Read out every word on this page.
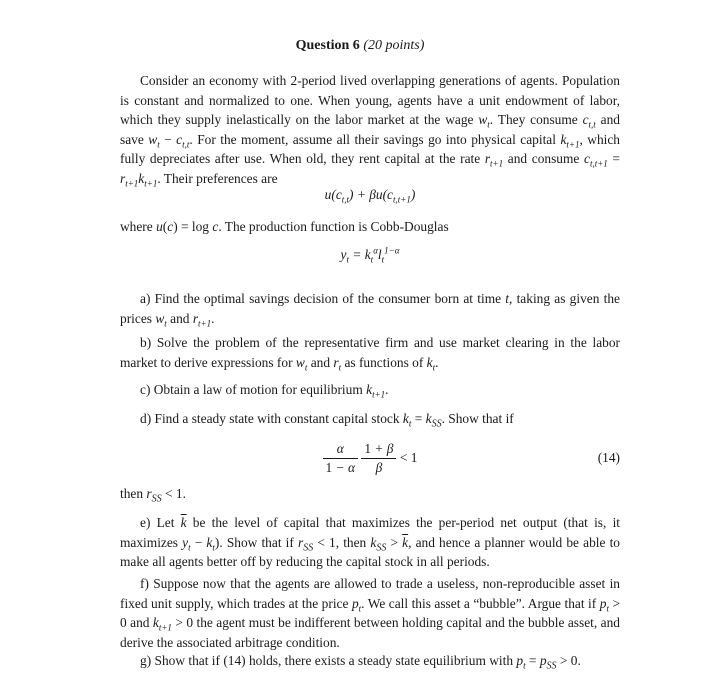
Question 6 (20 points)
Consider an economy with 2-period lived overlapping generations of agents. Population is constant and normalized to one. When young, agents have a unit endowment of labor, which they supply inelastically on the labor market at the wage $w_t$. They consume $c_{t,t}$ and save $w_t - c_{t,t}$. For the moment, assume all their savings go into physical capital $k_{t+1}$, which fully depreciates after use. When old, they rent capital at the rate $r_{t+1}$ and consume $c_{t,t+1} = r_{t+1}k_{t+1}$. Their preferences are
$u(c_{t,t}) + \beta u(c_{t,t+1})$
where u(c) = log c. The production function is Cobb-Douglas
$y_t = k_t^\alpha l_t^{1-\alpha}$
a) Find the optimal savings decision of the consumer born at time t, taking as given the prices $w_t$ and $r_{t+1}$.
b) Solve the problem of the representative firm and use market clearing in the labor market to derive expressions for $w_t$ and $r_t$ as functions of $k_t$.
c) Obtain a law of motion for equilibrium $k_{t+1}$.
d) Find a steady state with constant capital stock $k_t = k_{SS}$. Show that if
$\frac{\alpha}{1 - \alpha}$
$\frac{1 + \beta}{\beta} < 1$	(14)
then $r_{SS} < 1$.
e) Let $\overline{k}$ be the level of capital that maximizes the per-period net output (that is, it maximizes $y_t - k_t$). Show that if $r_{SS} < 1$, then $k_{SS} > \overline{k}$, and hence a planner would be able to make all agents better off by reducing the capital stock in all periods.
f) Suppose now that the agents are allowed to trade a useless, non-reproducible asset in fixed unit supply, which trades at the price $p_t$. We call this asset a “bubble”. Argue that if $p_t > 0$ and $k_{t+1} > 0$ the agent must be indifferent between holding capital and the bubble asset, and derive the associated arbitrage condition.
g) Show that if (14) holds, there exists a steady state equilibrium with $p_t = p_{SS} > 0$.
